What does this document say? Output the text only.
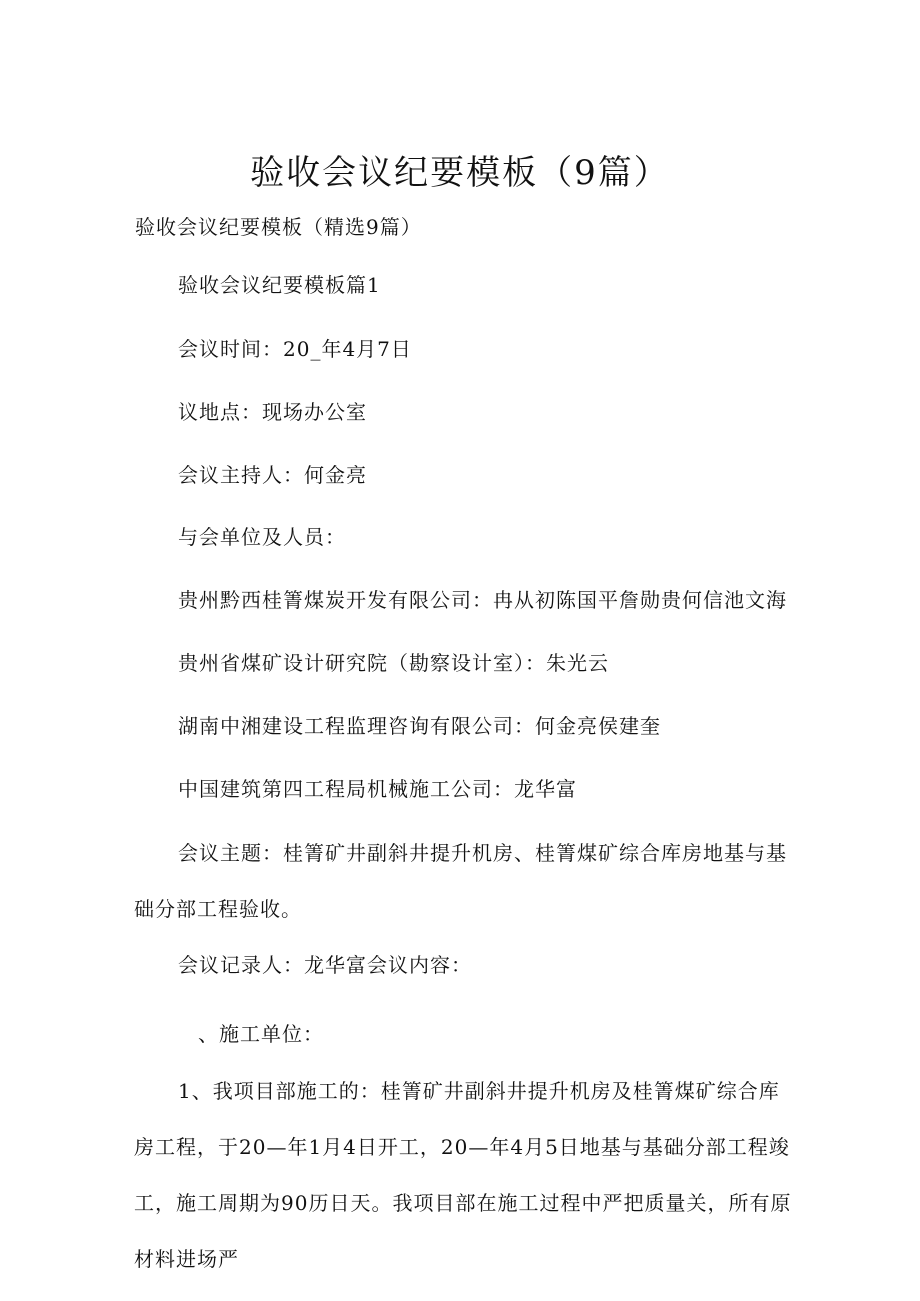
验收会议纪要模板（9篇）

验收会议纪要模板（精选9篇）

验收会议纪要模板篇1

会议时间：20_年4月7日

议地点：现场办公室

会议主持人：何金亮

与会单位及人员：

贵州黔西桂箐煤炭开发有限公司：冉从初陈国平詹勋贵何信池文海

贵州省煤矿设计研究院（勘察设计室）：朱光云

湖南中湘建设工程监理咨询有限公司：何金亮侯建奎

中国建筑第四工程局机械施工公司：龙华富

会议主题：桂箐矿井副斜井提升机房、桂箐煤矿综合库房地基与基础分部工程验收。

会议记录人：龙华富会议内容：

、施工单位：

1、我项目部施工的：桂箐矿井副斜井提升机房及桂箐煤矿综合库房工程，于20—年1月4日开工，20—年4月5日地基与基础分部工程竣工，施工周期为90历日天。我项目部在施工过程中严把质量关，所有原材料进场严
